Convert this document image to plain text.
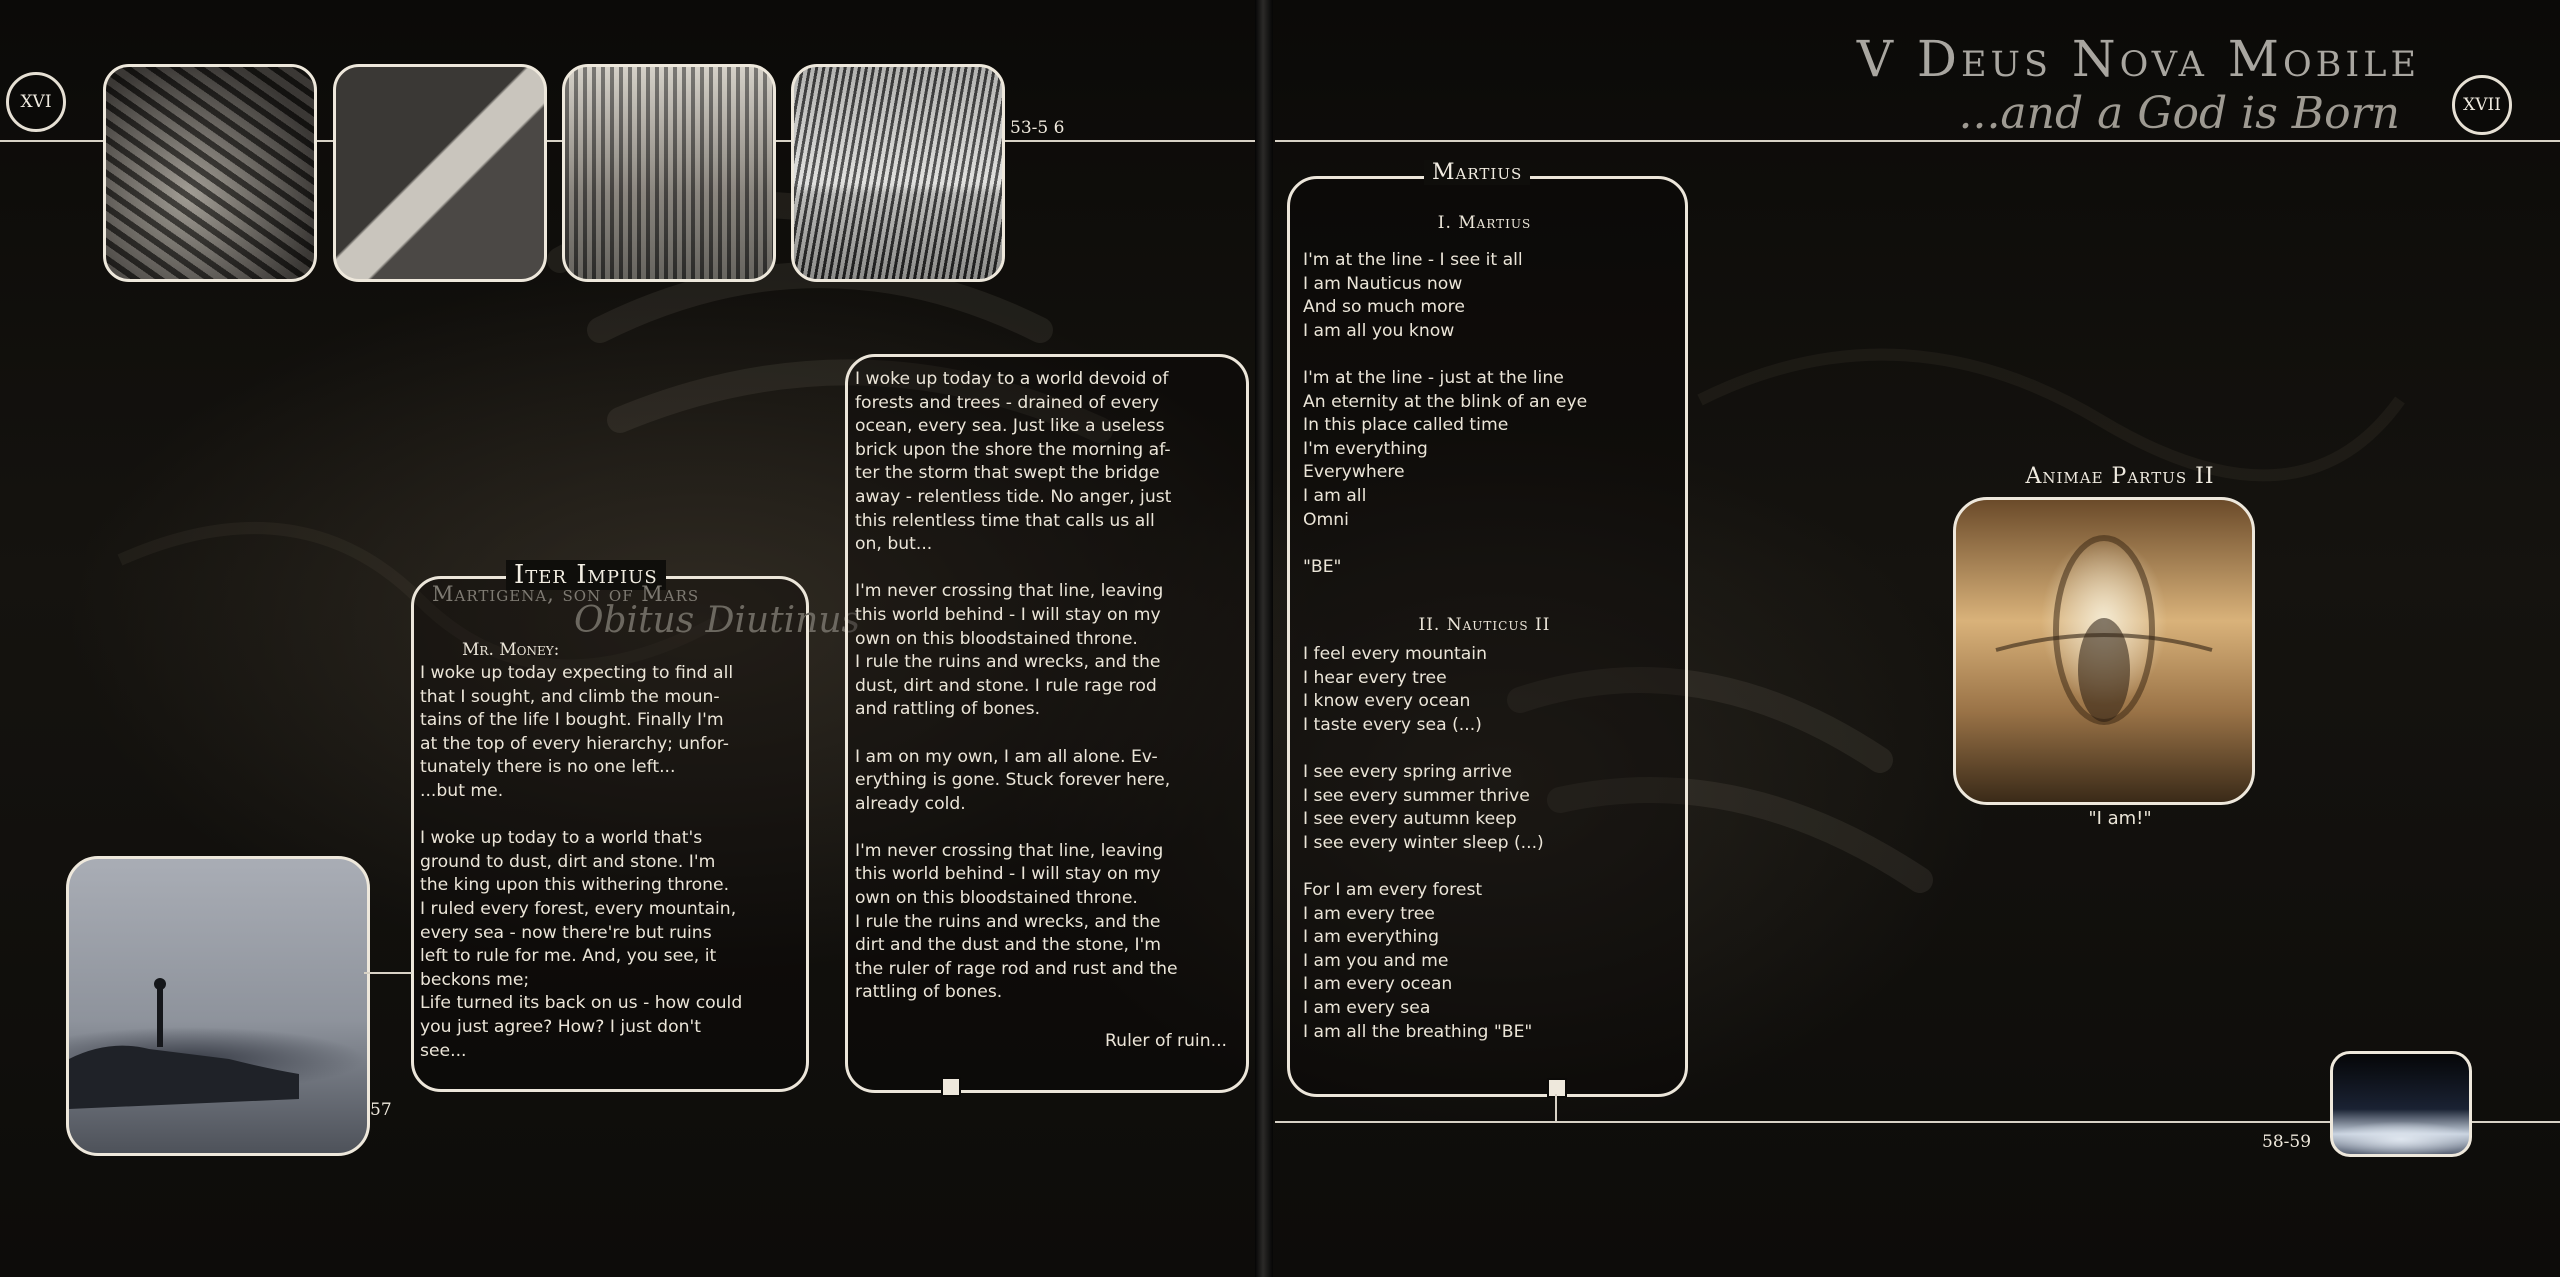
XVI	XVII
53-5 6
V Deus Nova Mobile
...and a God is Born
Iter Impius
Martigena, son of Mars
Obitus Diutinus
Mr. Money:

I woke up today expecting to find all

that I sought, and climb the moun-

tains of the life I bought. Finally I'm

at the top of every hierarchy; unfor-

tunately there is no one left...

...but me.

I woke up today to a world that's

ground to dust, dirt and stone. I'm

the king upon this withering throne.

I ruled every forest, every mountain,

every sea - now there're but ruins

left to rule for me. And, you see, it

beckons me;

Life turned its back on us - how could

you just agree? How? I just don't

see...

57

I woke up today to a world devoid of

forests and trees - drained of every

ocean, every sea. Just like a useless

brick upon the shore the morning af-

ter the storm that swept the bridge

away - relentless tide. No anger, just

this relentless time that calls us all

on, but...

I'm never crossing that line, leaving

this world behind - I will stay on my

own on this bloodstained throne.

I rule the ruins and wrecks, and the

dust, dirt and stone. I rule rage rod

and rattling of bones.

I am on my own, I am all alone. Ev-

erything is gone. Stuck forever here,

already cold.

I'm never crossing that line, leaving

this world behind - I will stay on my

own on this bloodstained throne.

I rule the ruins and wrecks, and the

dirt and the dust and the stone, I'm

the ruler of rage rod and rust and the

rattling of bones.

Ruler of ruin...
Martius
I. Martius

I'm at the line - I see it all

I am Nauticus now

And so much more

I am all you know

I'm at the line - just at the line

An eternity at the blink of an eye

In this place called time

I'm everything

Everywhere

I am all

Omni

"BE"

II. Nauticus II

I feel every mountain

I hear every tree

I know every ocean

I taste every sea (...)

I see every spring arrive

I see every summer thrive

I see every autumn keep

I see every winter sleep (...)

For I am every forest

I am every tree

I am everything

I am you and me

I am every ocean

I am every sea

I am all the breathing "BE"

Animae Partus II
"I am!"
58-59
